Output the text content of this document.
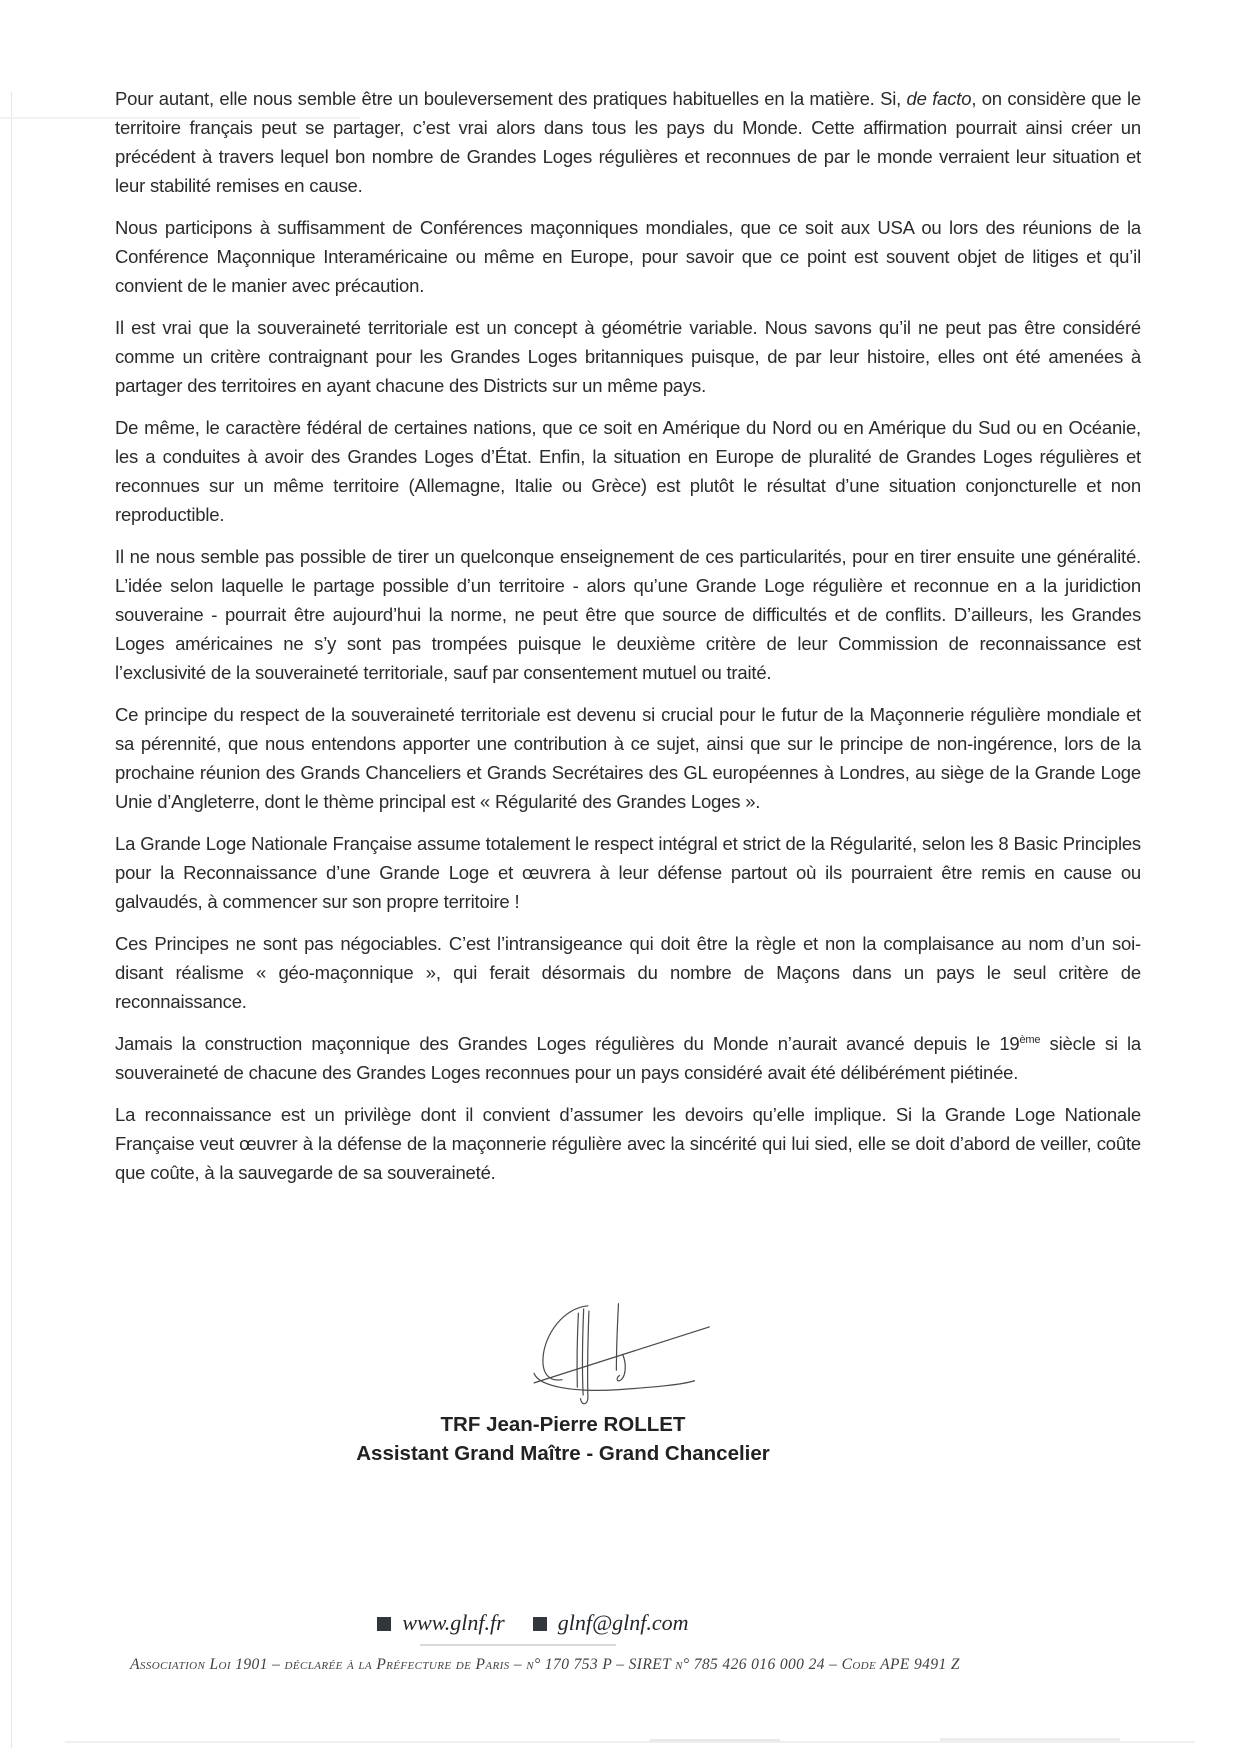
Pour autant, elle nous semble être un bouleversement des pratiques habituelles en la matière. Si, de facto, on considère que le territoire français peut se partager, c’est vrai alors dans tous les pays du Monde. Cette affirmation pourrait ainsi créer un précédent à travers lequel bon nombre de Grandes Loges régulières et reconnues de par le monde verraient leur situation et leur stabilité remises en cause.

Nous participons à suffisamment de Conférences maçonniques mondiales, que ce soit aux USA ou lors des réunions de la Conférence Maçonnique Interaméricaine ou même en Europe, pour savoir que ce point est souvent objet de litiges et qu’il convient de le manier avec précaution.

Il est vrai que la souveraineté territoriale est un concept à géométrie variable. Nous savons qu’il ne peut pas être considéré comme un critère contraignant pour les Grandes Loges britanniques puisque, de par leur histoire, elles ont été amenées à partager des territoires en ayant chacune des Districts sur un même pays.

De même, le caractère fédéral de certaines nations, que ce soit en Amérique du Nord ou en Amérique du Sud ou en Océanie, les a conduites à avoir des Grandes Loges d’État. Enfin, la situation en Europe de pluralité de Grandes Loges régulières et reconnues sur un même territoire (Allemagne, Italie ou Grèce) est plutôt le résultat d’une situation conjoncturelle et non reproductible.

Il ne nous semble pas possible de tirer un quelconque enseignement de ces particularités, pour en tirer ensuite une généralité. L’idée selon laquelle le partage possible d’un territoire - alors qu’une Grande Loge régulière et reconnue en a la juridiction souveraine - pourrait être aujourd’hui la norme, ne peut être que source de difficultés et de conflits. D’ailleurs, les Grandes Loges américaines ne s’y sont pas trompées puisque le deuxième critère de leur Commission de reconnaissance est l’exclusivité de la souveraineté territoriale, sauf par consentement mutuel ou traité.

Ce principe du respect de la souveraineté territoriale est devenu si crucial pour le futur de la Maçonnerie régulière mondiale et sa pérennité, que nous entendons apporter une contribution à ce sujet, ainsi que sur le principe de non-ingérence, lors de la prochaine réunion des Grands Chanceliers et Grands Secrétaires des GL européennes à Londres, au siège de la Grande Loge Unie d’Angleterre, dont le thème principal est « Régularité des Grandes Loges ».

La Grande Loge Nationale Française assume totalement le respect intégral et strict de la Régularité, selon les 8 Basic Principles pour la Reconnaissance d’une Grande Loge et œuvrera à leur défense partout où ils pourraient être remis en cause ou galvaudés, à commencer sur son propre territoire !

Ces Principes ne sont pas négociables. C’est l’intransigeance qui doit être la règle et non la complaisance au nom d’un soi-disant réalisme « géo-maçonnique », qui ferait désormais du nombre de Maçons dans un pays le seul critère de reconnaissance.

Jamais la construction maçonnique des Grandes Loges régulières du Monde n’aurait avancé depuis le 19ème siècle si la souveraineté de chacune des Grandes Loges reconnues pour un pays considéré avait été délibérément piétinée.

La reconnaissance est un privilège dont il convient d’assumer les devoirs qu’elle implique. Si la Grande Loge Nationale Française veut œuvrer à la défense de la maçonnerie régulière avec la sincérité qui lui sied, elle se doit d’abord de veiller, coûte que coûte, à la sauvegarde de sa souveraineté.

TRF Jean-Pierre ROLLET
Assistant Grand Maître - Grand Chancelier
www.glnf.fr glnf@glnf.com
Association Loi 1901 – déclarée à la Préfecture de Paris – n° 170 753 P – SIRET n° 785 426 016 000 24 – Code APE 9491 Z
